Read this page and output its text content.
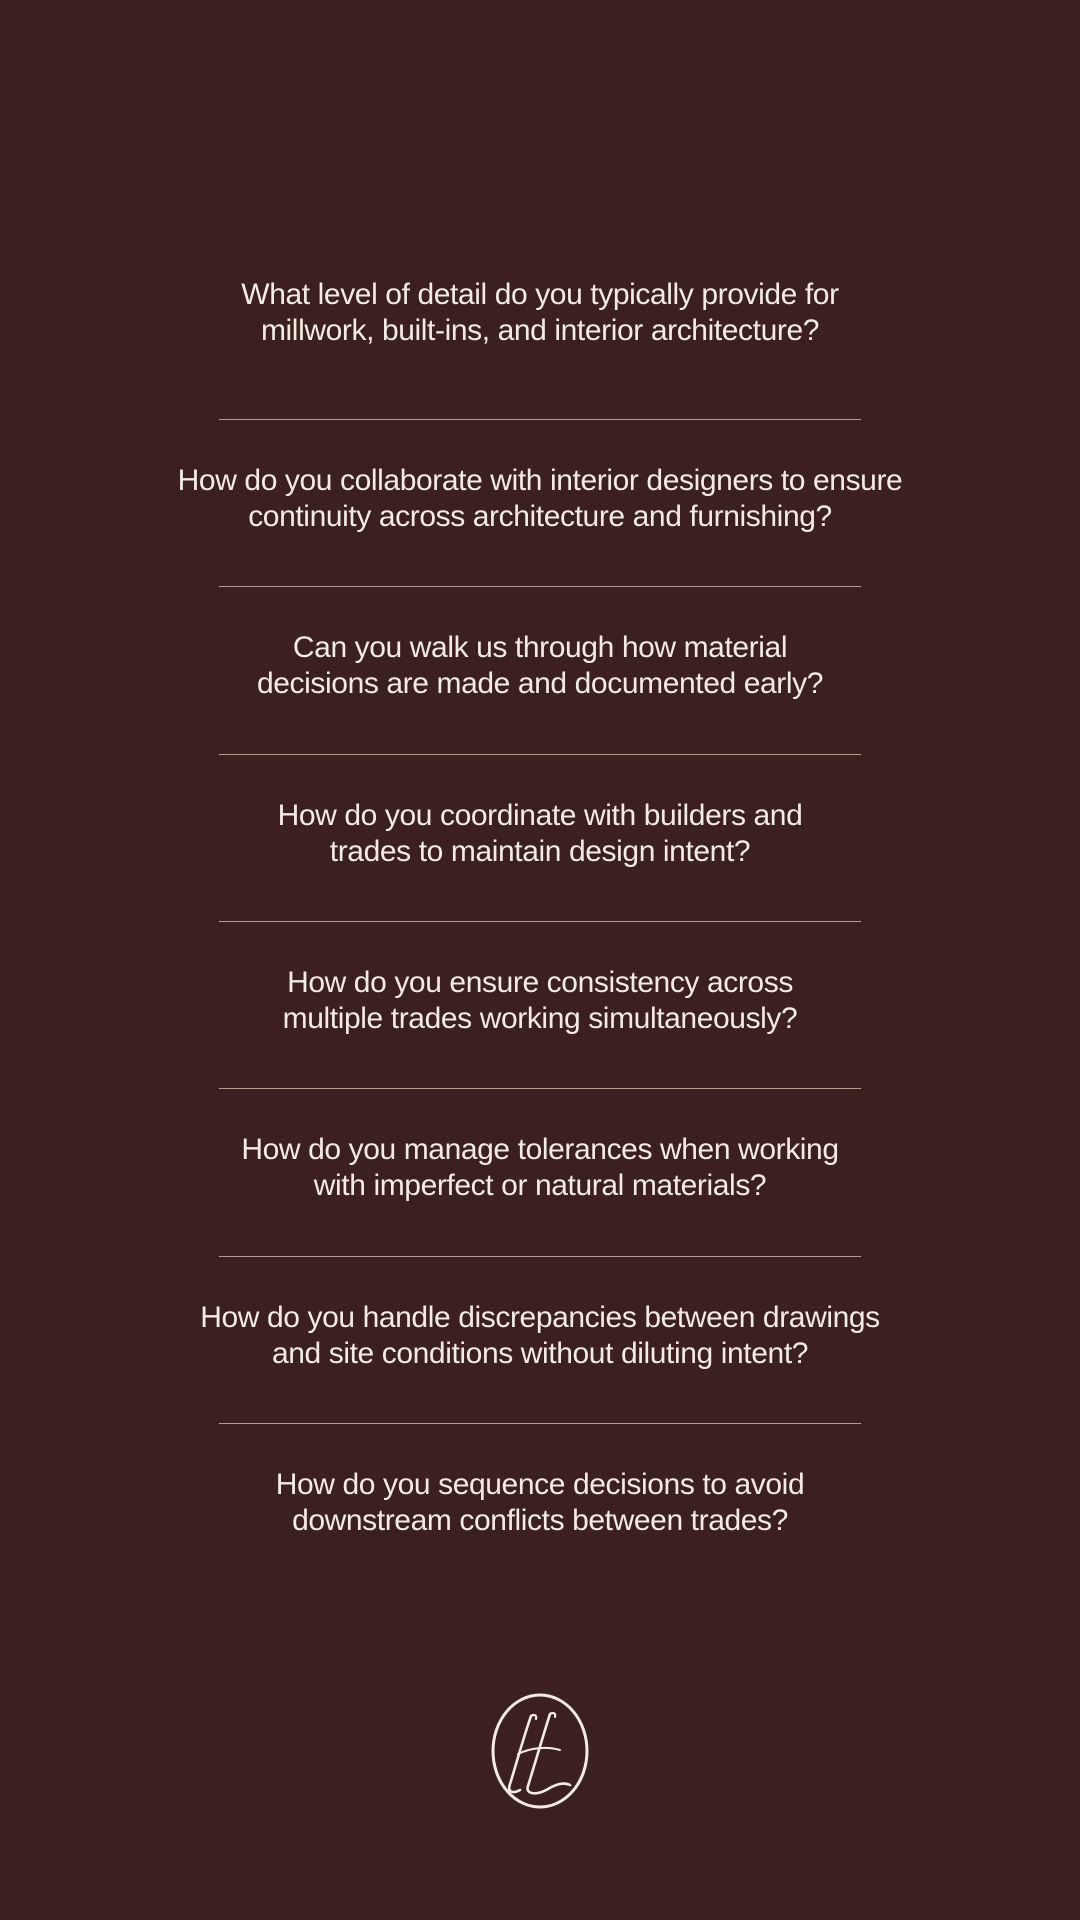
What level of detail do you typically provide for
millwork, built-ins, and interior architecture?
How do you collaborate with interior designers to ensure
continuity across architecture and furnishing?
Can you walk us through how material
decisions are made and documented early?
How do you coordinate with builders and
trades to maintain design intent?
How do you ensure consistency across
multiple trades working simultaneously?
How do you manage tolerances when working
with imperfect or natural materials?
How do you handle discrepancies between drawings
and site conditions without diluting intent?
How do you sequence decisions to avoid
downstream conflicts between trades?
